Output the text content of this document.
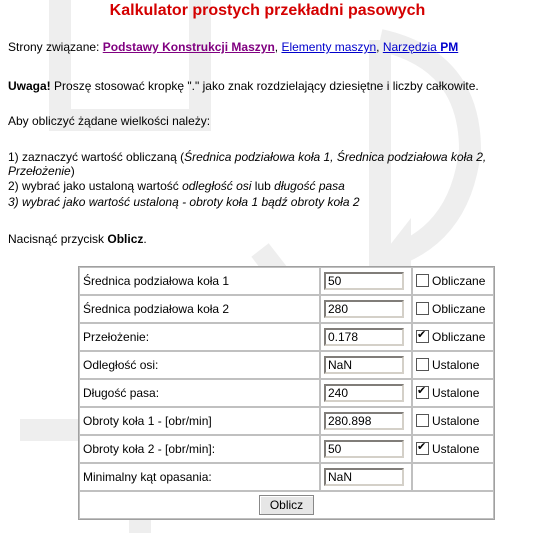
Kalkulator prostych przekładni pasowych
Strony związane: Podstawy Konstrukcji Maszyn, Elementy maszyn, Narzędzia PM
Uwaga! Proszę stosować kropkę "." jako znak rozdzielający dziesiętne i liczby całkowite.
Aby obliczyć żądane wielkości należy:
1) zaznaczyć wartość obliczaną (Średnica podziałowa koła 1, Średnica podziałowa koła 2,
Przełożenie)
2) wybrać jako ustaloną wartość odległość osi lub długość pasa
3) wybrać jako wartość ustaloną - obroty koła 1 bądź obroty koła 2
Nacisnąć przycisk Oblicz.
Średnica podziałowa koła 1	50	Obliczane
Średnica podziałowa koła 2	280	Obliczane
Przełożenie:	0.178	✔Obliczane
Odległość osi:	NaN	Ustalone
Długość pasa:	240	✔Ustalone
Obroty koła 1 - [obr/min]	280.898	Ustalone
Obroty koła 2 - [obr/min]:	50	✔Ustalone
Minimalny kąt opasania:	NaN	
Oblicz		
